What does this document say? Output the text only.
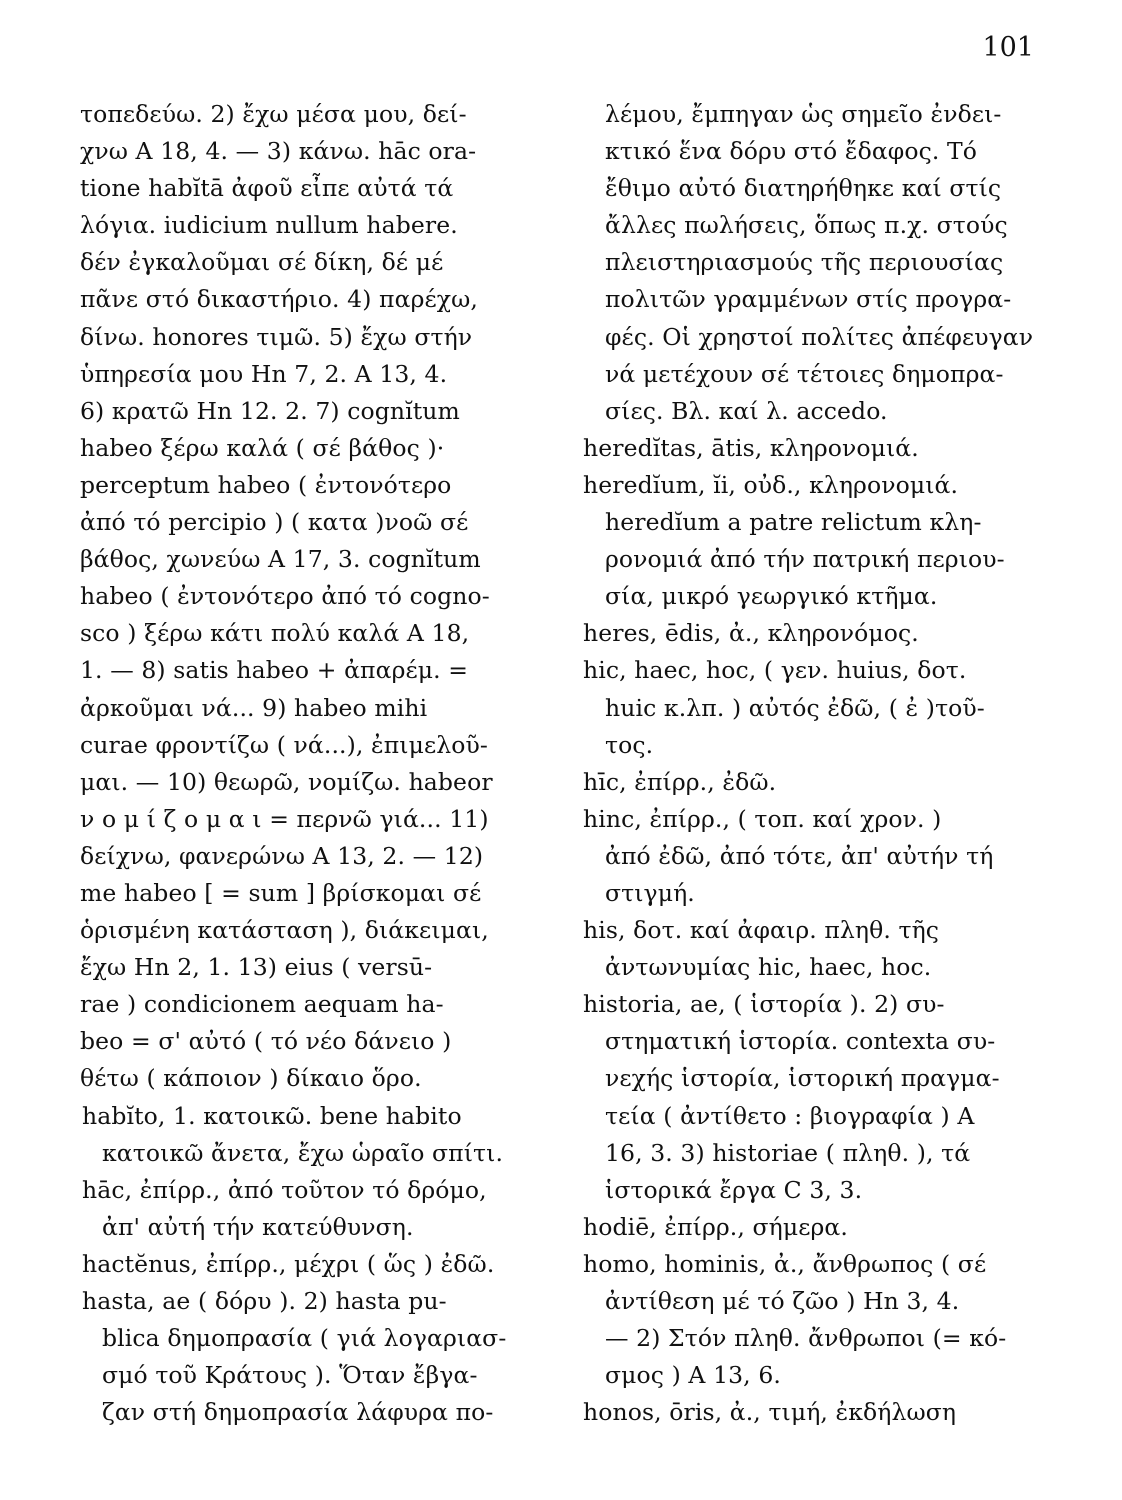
101
τοπεδεύω. 2) ἔχω μέσα μου, δεί-
χνω A 18, 4. — 3) κάνω. hāc ora-
tione habĭtā ἀφοῦ εἶπε αὐτά τά
λόγια. iudicium nullum habere.
δέν ἐγκαλοῦμαι σέ δίκη, δέ μέ
πᾶνε στό δικαστήριο. 4) παρέχω,
δίνω. honores τιμῶ. 5) ἔχω στήν
ὑπηρεσία μου Hn 7, 2. A 13, 4.
6) κρατῶ Hn 12. 2. 7) cognĭtum
habeo ξέρω καλά ( σέ βάθος )·
perceptum habeo ( ἐντονότερο
ἀπό τό percipio ) ( κατα )νοῶ σέ
βάθος, χωνεύω A 17, 3. cognĭtum
habeo ( ἐντονότερο ἀπό τό cogno-
sco ) ξέρω κάτι πολύ καλά A 18,
1. — 8) satis habeo + ἀπαρέμ. =
ἀρκοῦμαι νά... 9) habeo mihi
curae φροντίζω ( νά...), ἐπιμελοῦ-
μαι. — 10) θεωρῶ, νομίζω. habeor
ν ο μ ί ζ ο μ α ι = περνῶ γιά... 11)
δείχνω, φανερώνω A 13, 2. — 12)
me habeo [ = sum ] βρίσκομαι σέ
ὁρισμένη κατάσταση ), διάκειμαι,
ἔχω Hn 2, 1. 13) eius ( versū-
rae ) condicionem aequam ha-
beo = σ' αὐτό ( τό νέο δάνειο )
θέτω ( κάποιον ) δίκαιο ὅρο.
habĭto, 1. κατοικῶ. bene habito
κατοικῶ ἄνετα, ἔχω ὡραῖο σπίτι.
hāc, ἐπίρρ., ἀπό τοῦτον τό δρόμο,
ἀπ' αὐτή τήν κατεύθυνση.
hactĕnus, ἐπίρρ., μέχρι ( ὥς ) ἐδῶ.
hasta, ae ( δόρυ ). 2) hasta pu-
blica δημοπρασία ( γιά λογαριασ-
σμό τοῦ Κράτους ). Ὅταν ἔβγα-
ζαν στή δημοπρασία λάφυρα πο-
λέμου, ἔμπηγαν ὡς σημεῖο ἐνδει-
κτικό ἕνα δόρυ στό ἔδαφος. Τό
ἔθιμο αὐτό διατηρήθηκε καί στίς
ἄλλες πωλήσεις, ὅπως π.χ. στούς
πλειστηριασμούς τῆς περιουσίας
πολιτῶν γραμμένων στίς προγρα-
φές. Οἱ χρηστοί πολίτες ἀπέφευγαν
νά μετέχουν σέ τέτοιες δημοπρα-
σίες. Βλ. καί λ. accedo.
heredĭtas, ātis, κληρονομιά.
heredĭum, ĭi, οὐδ., κληρονομιά.
heredĭum a patre relictum κλη-
ρονομιά ἀπό τήν πατρική περιου-
σία, μικρό γεωργικό κτῆμα.
heres, ēdis, ἀ., κληρονόμος.
hic, haec, hoc, ( γεν. huius, δοτ.
huic κ.λπ. ) αὐτός ἐδῶ, ( ἐ )τοῦ-
τος.
hīc, ἐπίρρ., ἐδῶ.
hinc, ἐπίρρ., ( τοπ. καί χρον. )
ἀπό ἐδῶ, ἀπό τότε, ἀπ' αὐτήν τή
στιγμή.
his, δοτ. καί ἀφαιρ. πληθ. τῆς
ἀντωνυμίας hic, haec, hoc.
historia, ae, ( ἱστορία ). 2) συ-
στηματική ἱστορία. contexta συ-
νεχής ἱστορία, ἱστορική πραγμα-
τεία ( ἀντίθετο : βιογραφία ) A
16, 3. 3) historiae ( πληθ. ), τά
ἱστορικά ἔργα C 3, 3.
hodiē, ἐπίρρ., σήμερα.
homo, hominis, ἀ., ἄνθρωπος ( σέ
ἀντίθεση μέ τό ζῶο ) Hn 3, 4.
— 2) Στόν πληθ. ἄνθρωποι (= κό-
σμος ) A 13, 6.
honos, ōris, ἀ., τιμή, ἐκδήλωση
